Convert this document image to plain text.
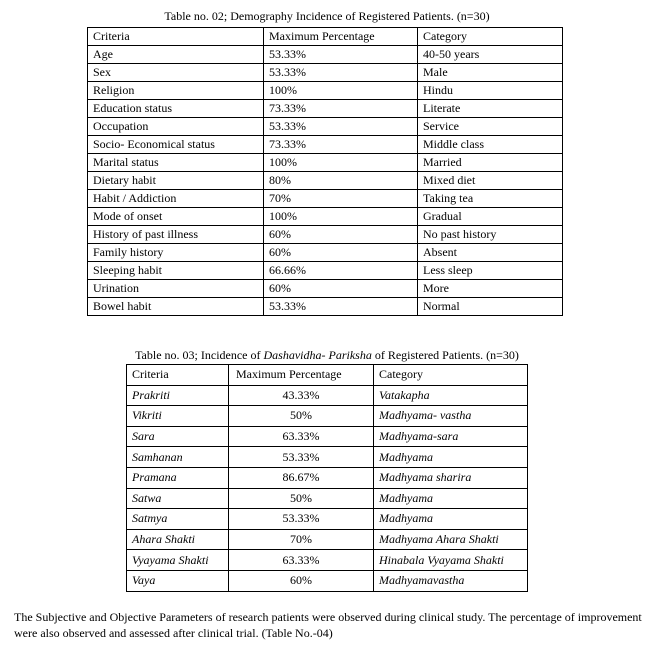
Table no. 02; Demography Incidence of Registered Patients. (n=30)
Criteria	Maximum Percentage	Category
Age	53.33%	40-50 years
Sex	53.33%	Male
Religion	100%	Hindu
Education status	73.33%	Literate
Occupation	53.33%	Service
Socio- Economical status	73.33%	Middle class
Marital status	100%	Married
Dietary habit	80%	Mixed diet
Habit / Addiction	70%	Taking tea
Mode of onset	100%	Gradual
History of past illness	60%	No past history
Family history	60%	Absent
Sleeping habit	66.66%	Less sleep
Urination	60%	More
Bowel habit	53.33%	Normal
Table no. 03; Incidence of Dashavidha- Pariksha of Registered Patients. (n=30)
Criteria	Maximum Percentage	Category
Prakriti	43.33%	Vatakapha
Vikriti	50%	Madhyama- vastha
Sara	63.33%	Madhyama-sara
Samhanan	53.33%	Madhyama
Pramana	86.67%	Madhyama sharira
Satwa	50%	Madhyama
Satmya	53.33%	Madhyama
Ahara Shakti	70%	Madhyama Ahara Shakti
Vyayama Shakti	63.33%	Hinabala Vyayama Shakti
Vaya	60%	Madhyamavastha

The Subjective and Objective Parameters of research patients were observed during clinical study. The percentage of improvement were also observed and assessed after clinical trial. (Table No.-04)
